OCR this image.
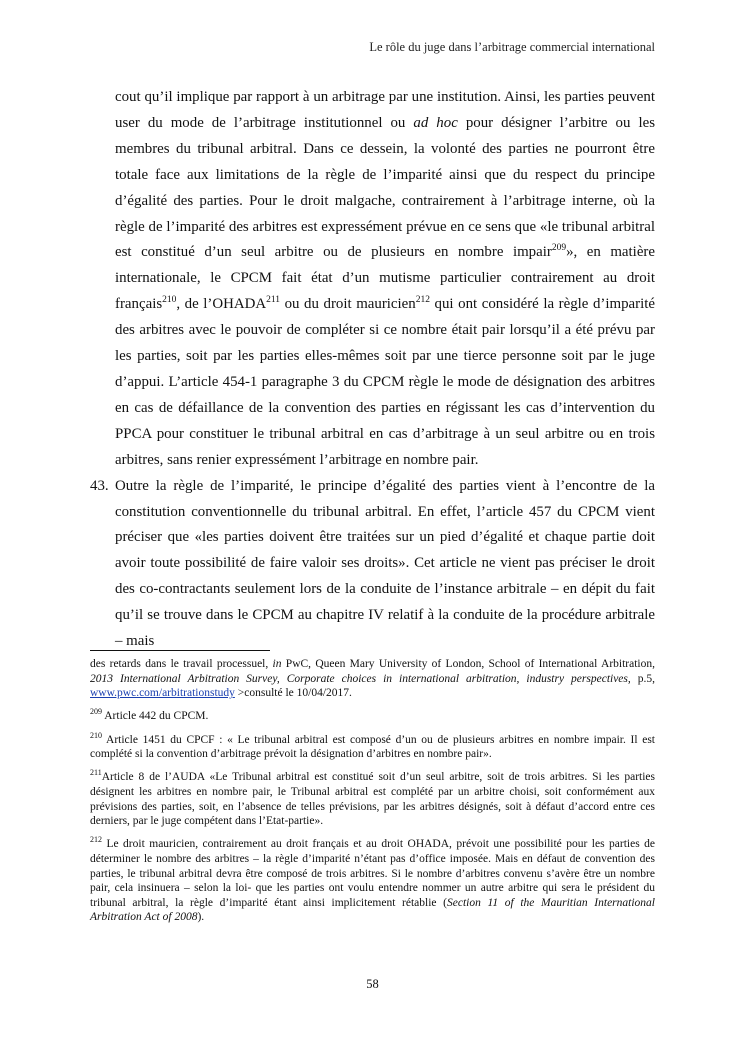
Le rôle du juge dans l’arbitrage commercial international

cout qu’il implique par rapport à un arbitrage par une institution. Ainsi, les parties peuvent user du mode de l’arbitrage institutionnel ou ad hoc pour désigner l’arbitre ou les membres du tribunal arbitral. Dans ce dessein, la volonté des parties ne pourront être totale face aux limitations de la règle de l’imparité ainsi que du respect du principe d’égalité des parties. Pour le droit malgache, contrairement à l’arbitrage interne, où la règle de l’imparité des arbitres est expressément prévue en ce sens que «le tribunal arbitral est constitué d’un seul arbitre ou de plusieurs en nombre impair$^{209}$», en matière internationale, le CPCM fait état d’un mutisme particulier contrairement au droit français$^{210}$, de l’OHADA$^{211}$ ou du droit mauricien$^{212}$ qui ont considéré la règle d’imparité des arbitres avec le pouvoir de compléter si ce nombre était pair lorsqu’il a été prévu par les parties, soit par les parties elles-mêmes soit par une tierce personne soit par le juge d’appui. L’article 454-1 paragraphe 3 du CPCM règle le mode de désignation des arbitres en cas de défaillance de la convention des parties en régissant les cas d’intervention du PPCA pour constituer le tribunal arbitral en cas d’arbitrage à un seul arbitre ou en trois arbitres, sans renier expressément l’arbitrage en nombre pair.

43. Outre la règle de l’imparité, le principe d’égalité des parties vient à l’encontre de la constitution conventionnelle du tribunal arbitral. En effet, l’article 457 du CPCM vient préciser que «les parties doivent être traitées sur un pied d’égalité et chaque partie doit avoir toute possibilité de faire valoir ses droits». Cet article ne vient pas préciser le droit des co-contractants seulement lors de la conduite de l’instance arbitrale – en dépit du fait qu’il se trouve dans le CPCM au chapitre IV relatif à la conduite de la procédure arbitrale – mais

des retards dans le travail processuel, in PwC, Queen Mary University of London, School of International Arbitration, 2013 International Arbitration Survey, Corporate choices in international arbitration, industry perspectives, p.5, www.pwc.com/arbitrationstudy >consulté le 10/04/2017.

$^{209}$ Article 442 du CPCM.

$^{210}$ Article 1451 du CPCF : « Le tribunal arbitral est composé d’un ou de plusieurs arbitres en nombre impair. Il est complété si la convention d’arbitrage prévoit la désignation d’arbitres en nombre pair».

$^{211}$Article 8 de l’AUDA «Le Tribunal arbitral est constitué soit d’un seul arbitre, soit de trois arbitres. Si les parties désignent les arbitres en nombre pair, le Tribunal arbitral est complété par un arbitre choisi, soit conformément aux prévisions des parties, soit, en l’absence de telles prévisions, par les arbitres désignés, soit à défaut d’accord entre ces derniers, par le juge compétent dans l’Etat-partie».

$^{212}$ Le droit mauricien, contrairement au droit français et au droit OHADA, prévoit une possibilité pour les parties de déterminer le nombre des arbitres – la règle d’imparité n’étant pas d’office imposée. Mais en défaut de convention des parties, le tribunal arbitral devra être composé de trois arbitres. Si le nombre d’arbitres convenu s’avère être un nombre pair, cela insinuera – selon la loi- que les parties ont voulu entendre nommer un autre arbitre qui sera le président du tribunal arbitral, la règle d’imparité étant ainsi implicitement rétablie (Section 11 of the Mauritian International Arbitration Act of 2008).

58
